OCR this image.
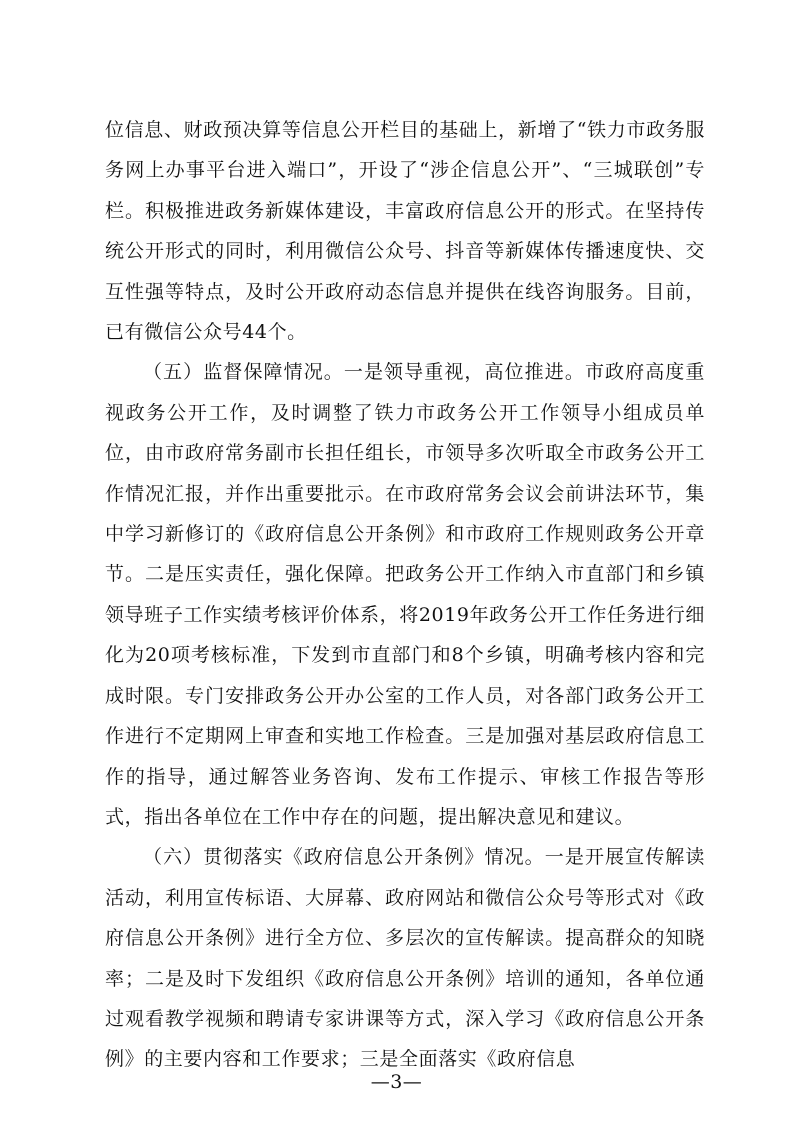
位信息、财政预决算等信息公开栏目的基础上，新增了“铁力市政务服务网上办事平台进入端口”，开设了“涉企信息公开”、“三城联创”专栏。积极推进政务新媒体建设，丰富政府信息公开的形式。在坚持传统公开形式的同时，利用微信公众号、抖音等新媒体传播速度快、交互性强等特点，及时公开政府动态信息并提供在线咨询服务。目前，已有微信公众号44个。

（五）监督保障情况。一是领导重视，高位推进。市政府高度重视政务公开工作，及时调整了铁力市政务公开工作领导小组成员单位，由市政府常务副市长担任组长，市领导多次听取全市政务公开工作情况汇报，并作出重要批示。在市政府常务会议会前讲法环节，集中学习新修订的《政府信息公开条例》和市政府工作规则政务公开章节。二是压实责任，强化保障。把政务公开工作纳入市直部门和乡镇领导班子工作实绩考核评价体系，将2019年政务公开工作任务进行细化为20项考核标准，下发到市直部门和8个乡镇，明确考核内容和完成时限。专门安排政务公开办公室的工作人员，对各部门政务公开工作进行不定期网上审查和实地工作检查。三是加强对基层政府信息工作的指导，通过解答业务咨询、发布工作提示、审核工作报告等形式，指出各单位在工作中存在的问题，提出解决意见和建议。

（六）贯彻落实《政府信息公开条例》情况。一是开展宣传解读活动，利用宣传标语、大屏幕、政府网站和微信公众号等形式对《政府信息公开条例》进行全方位、多层次的宣传解读。提高群众的知晓率；二是及时下发组织《政府信息公开条例》培训的通知，各单位通过观看教学视频和聘请专家讲课等方式，深入学习《政府信息公开条例》的主要内容和工作要求；三是全面落实《政府信息

—3—
